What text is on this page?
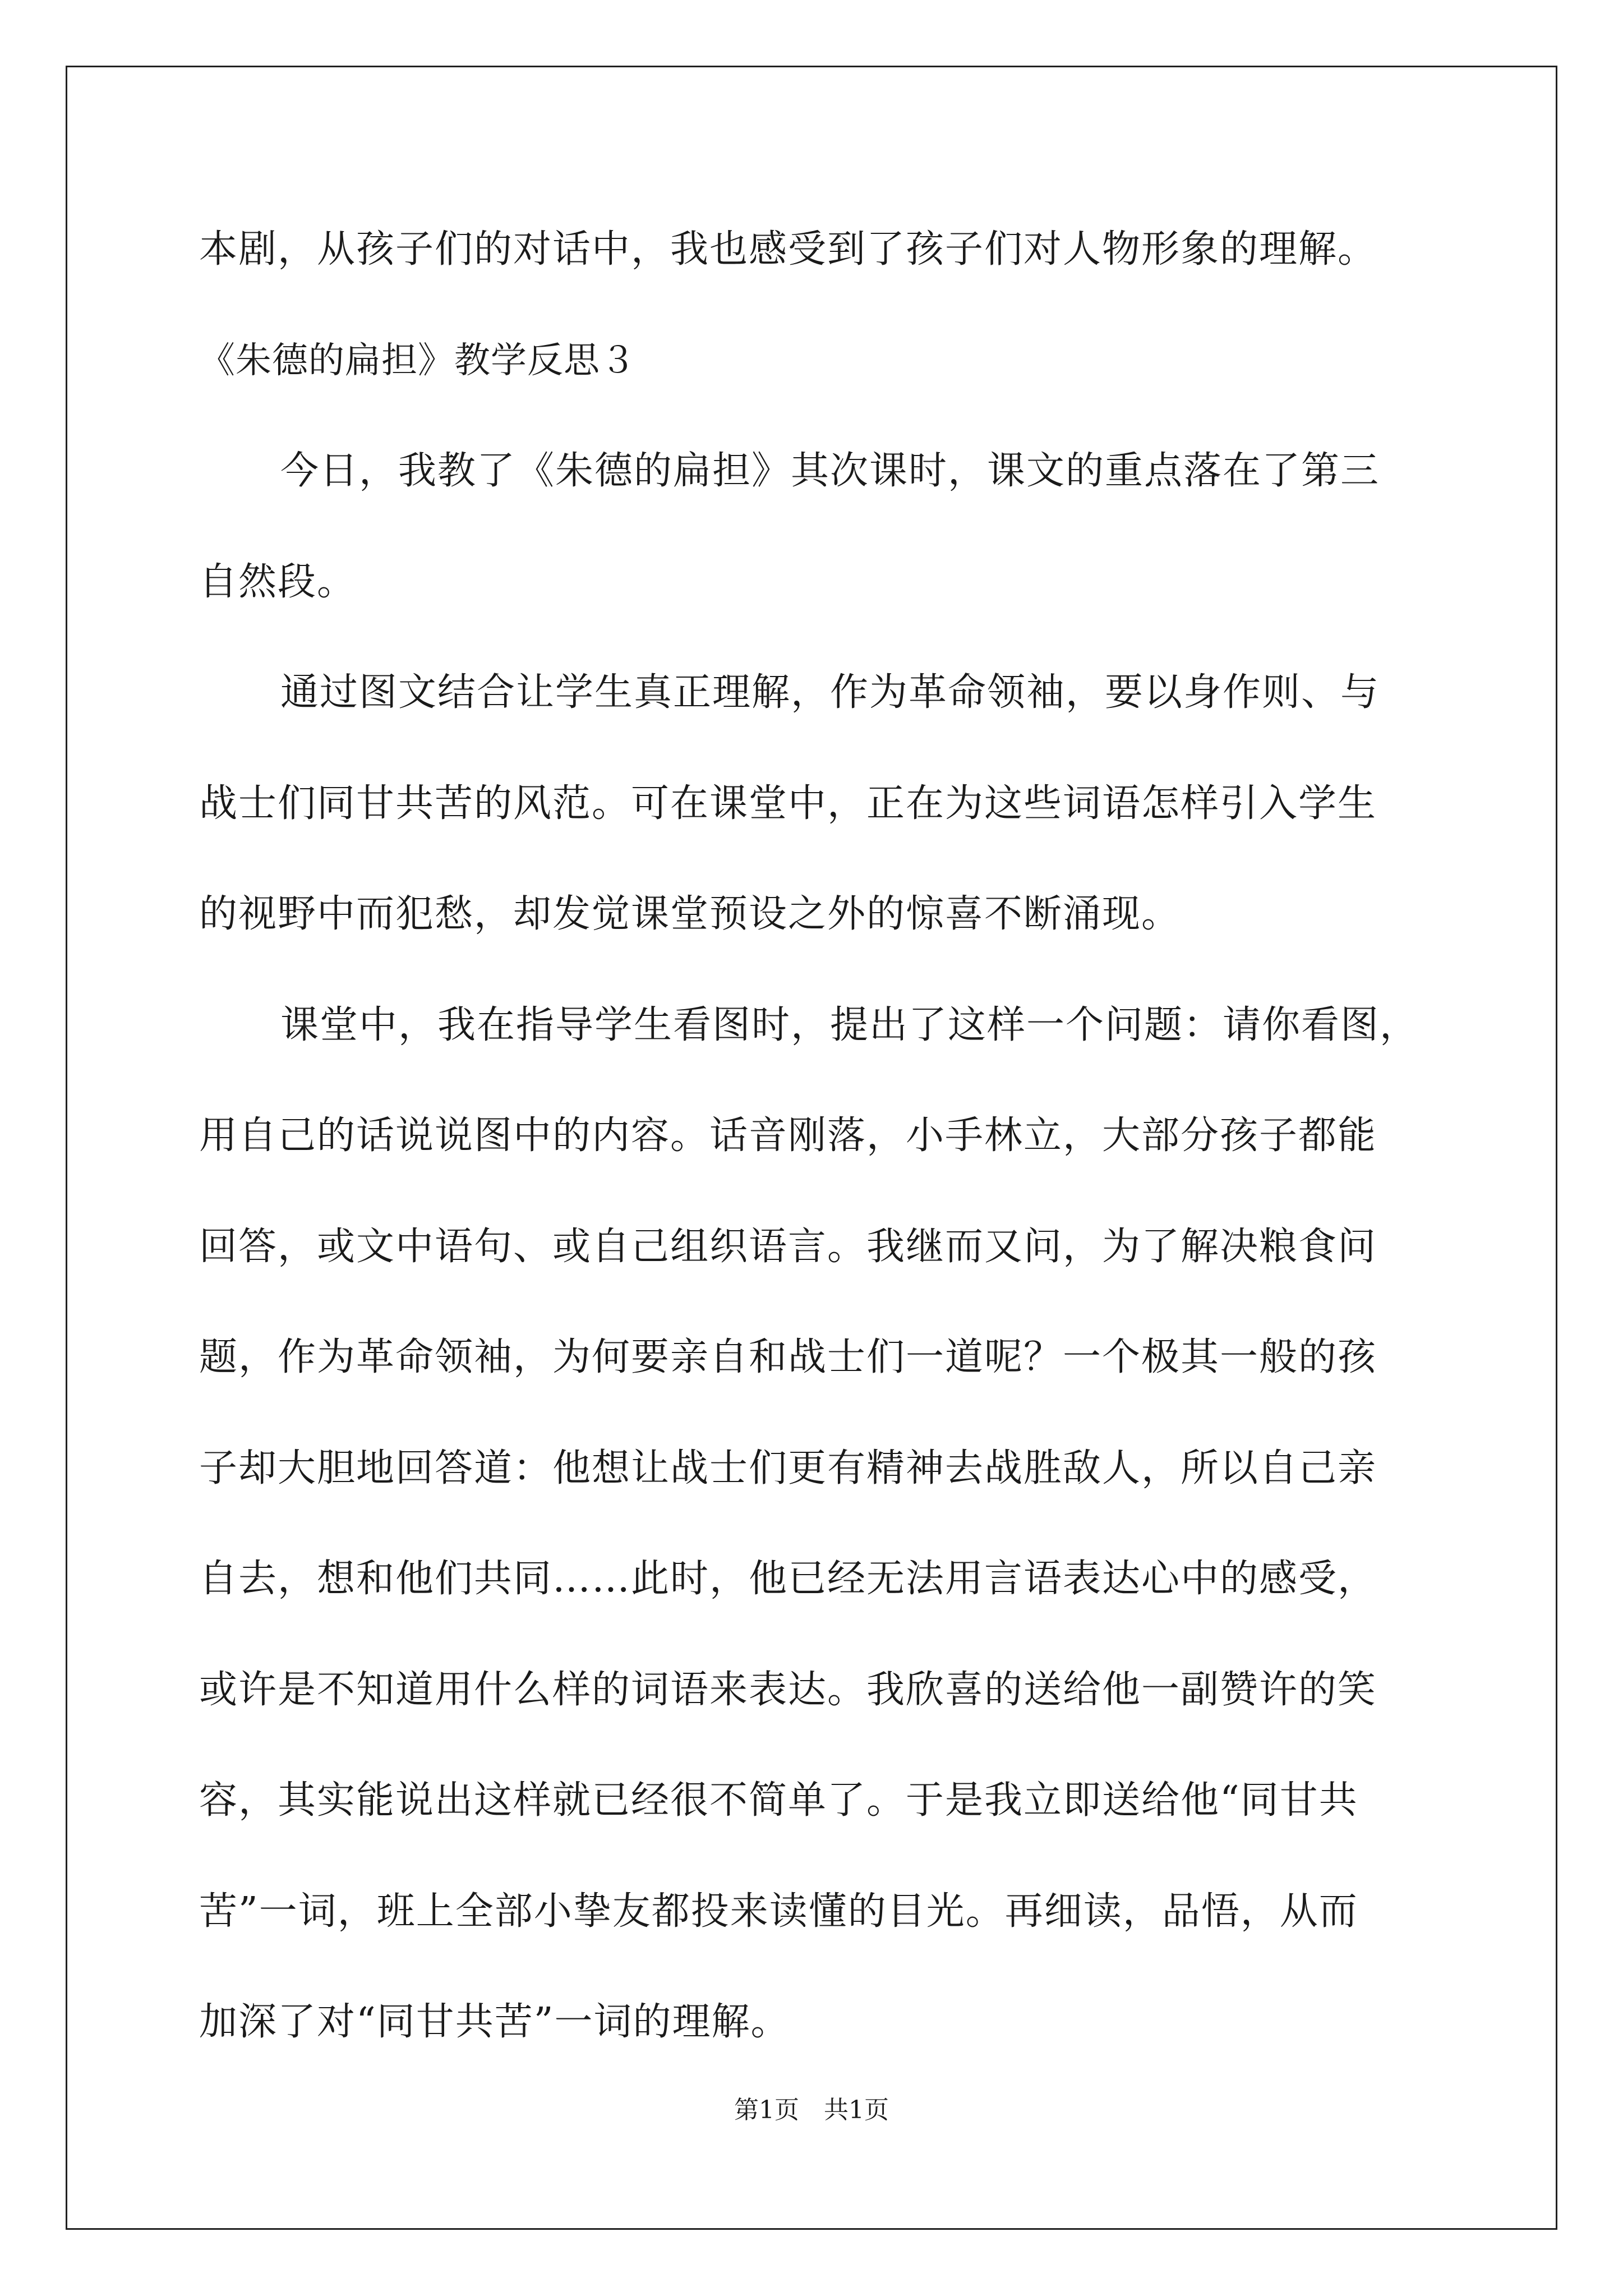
本剧，从孩子们的对话中，我也感受到了孩子们对人物形象的理解。
《朱德的扁担》教学反思３
今日，我教了《朱德的扁担》其次课时，课文的重点落在了第三
自然段。
通过图文结合让学生真正理解，作为革命领袖，要以身作则、与
战士们同甘共苦的风范。可在课堂中，正在为这些词语怎样引入学生
的视野中而犯愁，却发觉课堂预设之外的惊喜不断涌现。
课堂中，我在指导学生看图时，提出了这样一个问题：请你看图，
用自己的话说说图中的内容。话音刚落，小手林立，大部分孩子都能
回答，或文中语句、或自己组织语言。我继而又问，为了解决粮食问
题，作为革命领袖，为何要亲自和战士们一道呢？一个极其一般的孩
子却大胆地回答道：他想让战士们更有精神去战胜敌人，所以自己亲
自去，想和他们共同……此时，他已经无法用言语表达心中的感受，
或许是不知道用什么样的词语来表达。我欣喜的送给他一副赞许的笑
容，其实能说出这样就已经很不简单了。于是我立即送给他“同甘共
苦”一词，班上全部小挚友都投来读懂的目光。再细读，品悟，从而
加深了对“同甘共苦”一词的理解。
第1页　共1页
